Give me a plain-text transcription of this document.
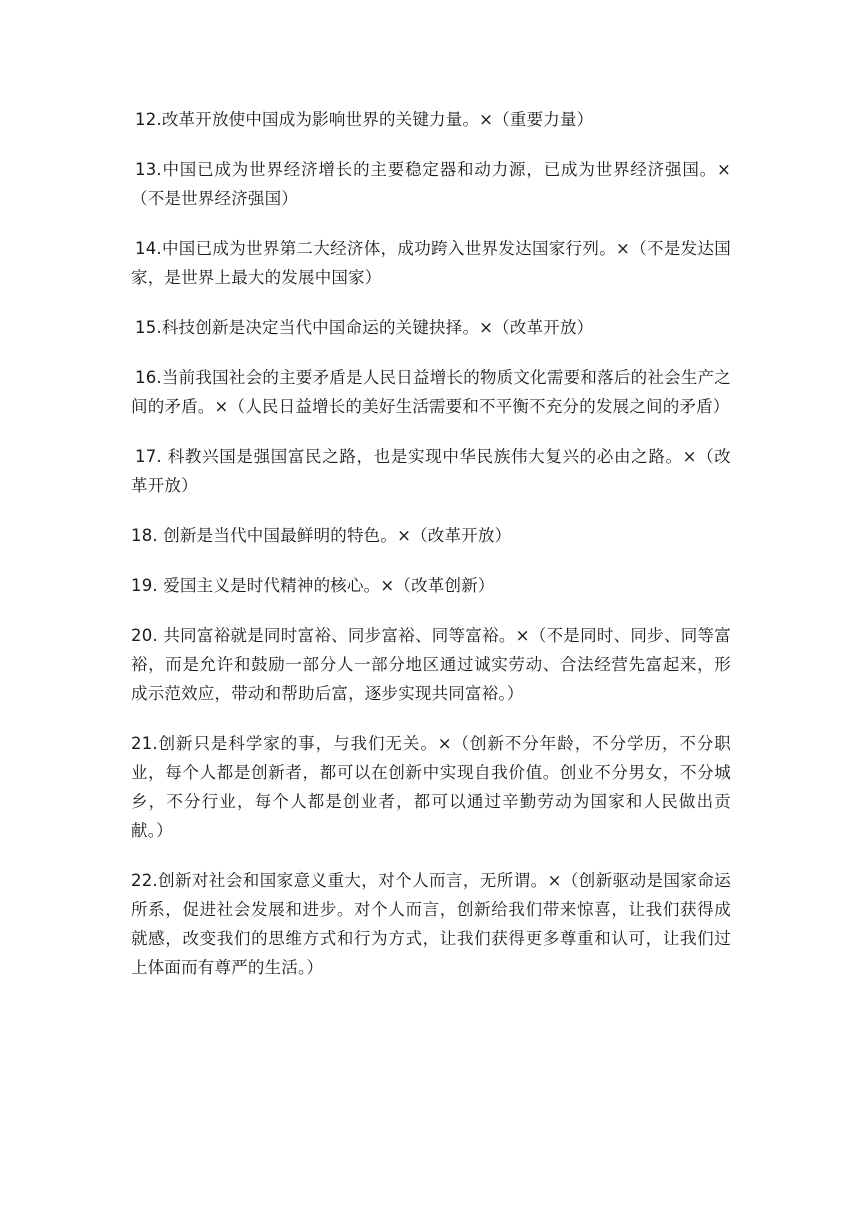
12.改革开放使中国成为影响世界的关键力量。×（重要力量）

13.中国已成为世界经济增长的主要稳定器和动力源，已成为世界经济强国。×（不是世界经济强国）

14.中国已成为世界第二大经济体，成功跨入世界发达国家行列。×（不是发达国家，是世界上最大的发展中国家）

15.科技创新是决定当代中国命运的关键抉择。×（改革开放）

16.当前我国社会的主要矛盾是人民日益增长的物质文化需要和落后的社会生产之间的矛盾。×（人民日益增长的美好生活需要和不平衡不充分的发展之间的矛盾）

17. 科教兴国是强国富民之路，也是实现中华民族伟大复兴的必由之路。×（改革开放）

18. 创新是当代中国最鲜明的特色。×（改革开放）

19. 爱国主义是时代精神的核心。×（改革创新）

20. 共同富裕就是同时富裕、同步富裕、同等富裕。×（不是同时、同步、同等富裕，而是允许和鼓励一部分人一部分地区通过诚实劳动、合法经营先富起来，形成示范效应，带动和帮助后富，逐步实现共同富裕。）

21.创新只是科学家的事，与我们无关。×（创新不分年龄，不分学历，不分职业，每个人都是创新者，都可以在创新中实现自我价值。创业不分男女，不分城乡，不分行业，每个人都是创业者，都可以通过辛勤劳动为国家和人民做出贡献。）

22.创新对社会和国家意义重大，对个人而言，无所谓。×（创新驱动是国家命运所系，促进社会发展和进步。对个人而言，创新给我们带来惊喜，让我们获得成就感，改变我们的思维方式和行为方式，让我们获得更多尊重和认可，让我们过上体面而有尊严的生活。）
